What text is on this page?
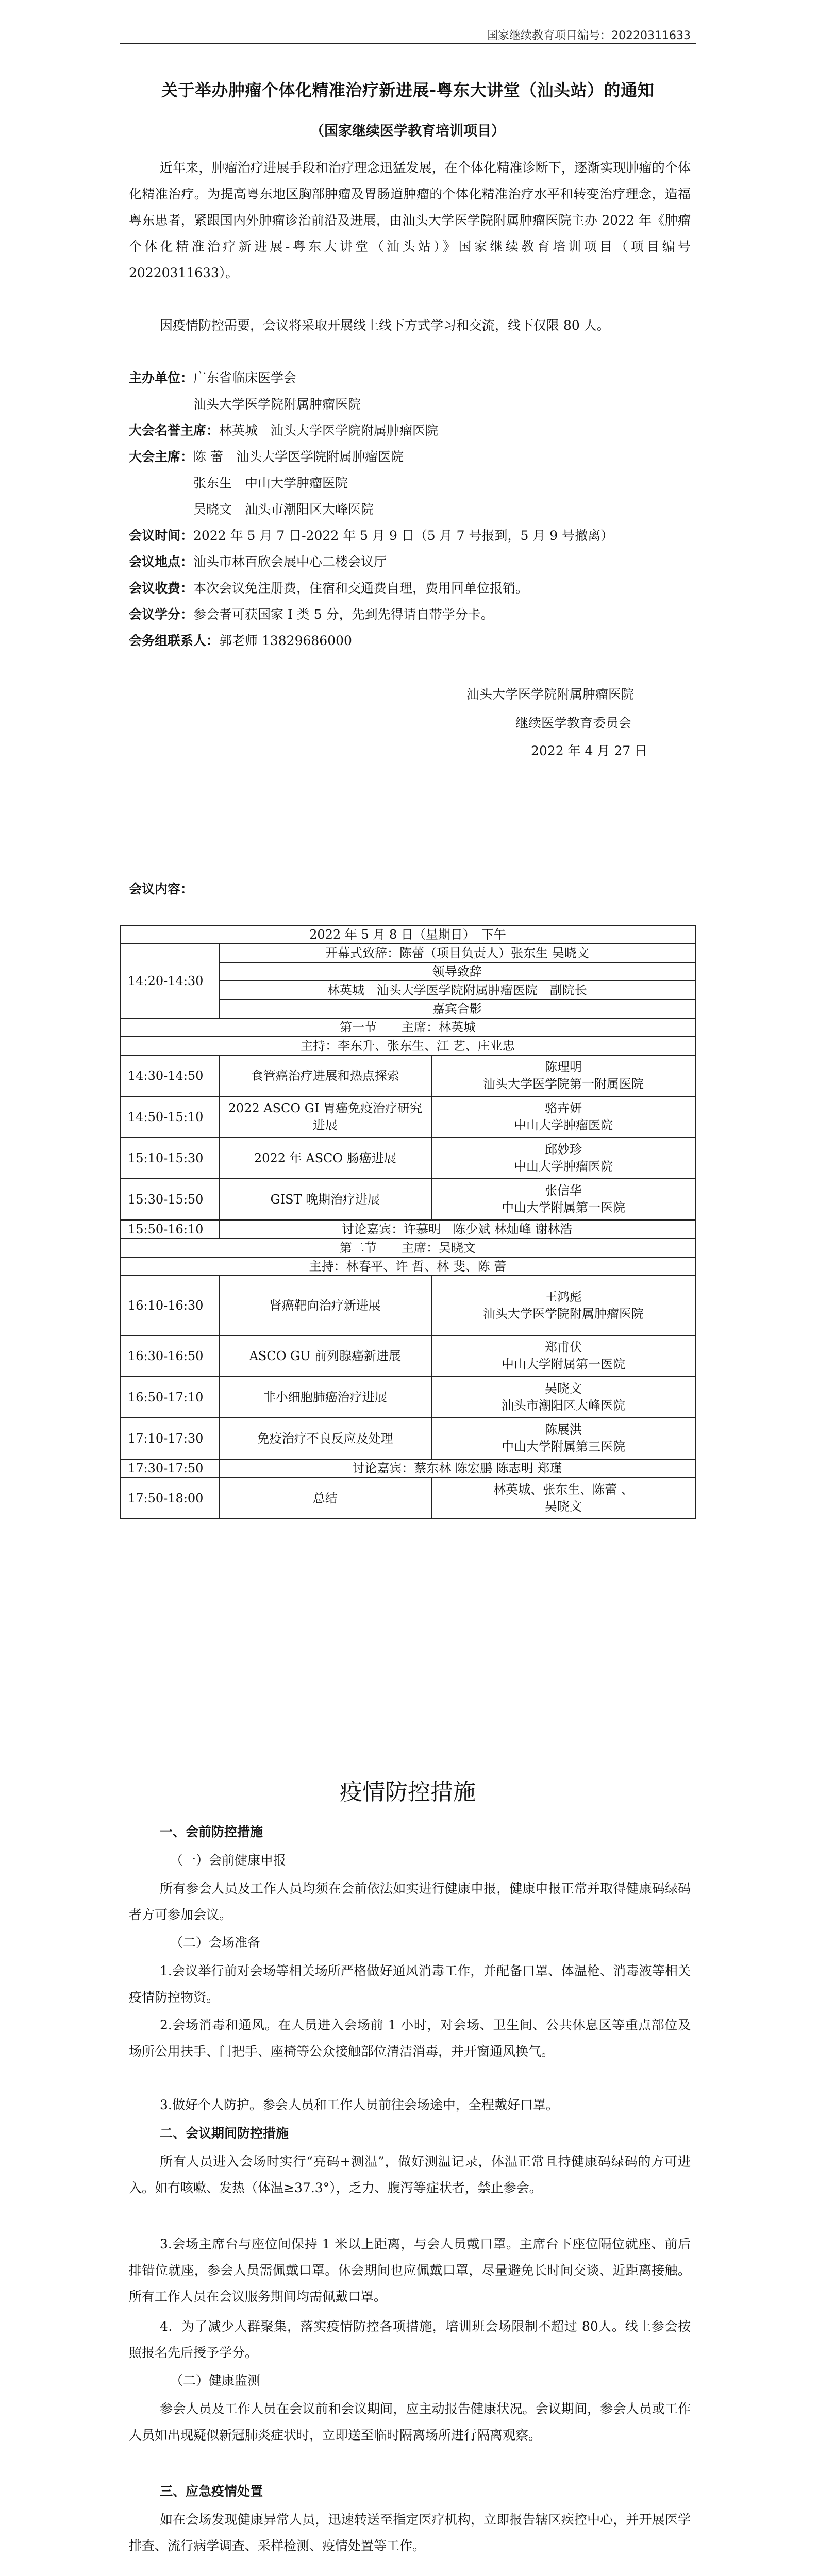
国家继续教育项目编号：20220311633
关于举办肿瘤个体化精准治疗新进展-粤东大讲堂（汕头站）的通知
（国家继续医学教育培训项目）
近年来，肿瘤治疗进展手段和治疗理念迅猛发展，在个体化精准诊断下，逐渐实现肿瘤的个体化精准治疗。为提高粤东地区胸部肿瘤及胃肠道肿瘤的个体化精准治疗水平和转变治疗理念，造福粤东患者，紧跟国内外肿瘤诊治前沿及进展，由汕头大学医学院附属肿瘤医院主办 2022 年《肿瘤个体化精准治疗新进展-粤东大讲堂（汕头站）》国家继续教育培训项目（项目编号 20220311633）。
因疫情防控需要，会议将采取开展线上线下方式学习和交流，线下仅限 80 人。
主办单位：广东省临床医学会
汕头大学医学院附属肿瘤医院
大会名誉主席：林英城　汕头大学医学院附属肿瘤医院
大会主席：陈 蕾　汕头大学医学院附属肿瘤医院
张东生　中山大学肿瘤医院
吴晓文　汕头市潮阳区大峰医院
会议时间：2022 年 5 月 7 日-2022 年 5 月 9 日（5 月 7 号报到，5 月 9 号撤离）
会议地点：汕头市林百欣会展中心二楼会议厅
会议收费：本次会议免注册费，住宿和交通费自理，费用回单位报销。
会议学分：参会者可获国家 I 类 5 分，先到先得请自带学分卡。
会务组联系人：郭老师 13829686000
汕头大学医学院附属肿瘤医院
继续医学教育委员会
2022 年 4 月 27 日
会议内容：
2022 年 5 月 8 日（星期日）　下午		
14:20-14:30	开幕式致辞：陈蕾（项目负责人）张东生 吴晓文	
	领导致辞	
	林英城　汕头大学医学院附属肿瘤医院　副院长	
	嘉宾合影	
第一节　　主席：林英城		
主持：李东升、张东生、江 艺、庄业忠		
14:30-14:50	食管癌治疗进展和热点探索	陈理明
汕头大学医学院第一附属医院
14:50-15:10	2022 ASCO GI 胃癌免疫治疗研究进展	骆卉妍
中山大学肿瘤医院
15:10-15:30	2022 年 ASCO 肠癌进展	邱妙珍
中山大学肿瘤医院
15:30-15:50	GIST 晚期治疗进展	张信华
中山大学附属第一医院
15:50-16:10	讨论嘉宾：许慕明　陈少斌 林灿峰 谢林浩	
第二节　　主席：吴晓文		
主持：林春平、许 哲、林 斐、陈 蕾		
16:10-16:30	肾癌靶向治疗新进展	王鸿彪
汕头大学医学院附属肿瘤医院
16:30-16:50	ASCO GU 前列腺癌新进展	郑甫伏
中山大学附属第一医院
16:50-17:10	非小细胞肺癌治疗进展	吴晓文
汕头市潮阳区大峰医院
17:10-17:30	免疫治疗不良反应及处理	陈展洪
中山大学附属第三医院
17:30-17:50	讨论嘉宾：蔡东林 陈宏鹏 陈志明 郑瑾	
17:50-18:00	总结	林英城、张东生、陈蕾 、
吴晓文
疫情防控措施
一、会前防控措施
（一）会前健康申报
所有参会人员及工作人员均须在会前依法如实进行健康申报，健康申报正常并取得健康码绿码者方可参加会议。
（二）会场准备
1.会议举行前对会场等相关场所严格做好通风消毒工作，并配备口罩、体温枪、消毒液等相关疫情防控物资。
2.会场消毒和通风。在人员进入会场前 1 小时，对会场、卫生间、公共休息区等重点部位及场所公用扶手、门把手、座椅等公众接触部位清洁消毒，并开窗通风换气。
3.做好个人防护。参会人员和工作人员前往会场途中，全程戴好口罩。
二、会议期间防控措施
所有人员进入会场时实行“亮码+测温”，做好测温记录，体温正常且持健康码绿码的方可进入。如有咳嗽、发热（体温≥37.3°），乏力、腹泻等症状者，禁止参会。
3.会场主席台与座位间保持 1 米以上距离，与会人员戴口罩。主席台下座位隔位就座、前后排错位就座，参会人员需佩戴口罩。休会期间也应佩戴口罩，尽量避免长时间交谈、近距离接触。所有工作人员在会议服务期间均需佩戴口罩。
4．为了减少人群聚集，落实疫情防控各项措施，培训班会场限制不超过 80人。线上参会按照报名先后授予学分。
（二）健康监测
参会人员及工作人员在会议前和会议期间，应主动报告健康状况。会议期间，参会人员或工作人员如出现疑似新冠肺炎症状时，立即送至临时隔离场所进行隔离观察。
三、应急疫情处置
如在会场发现健康异常人员，迅速转送至指定医疗机构，立即报告辖区疾控中心，并开展医学排查、流行病学调查、采样检测、疫情处置等工作。
